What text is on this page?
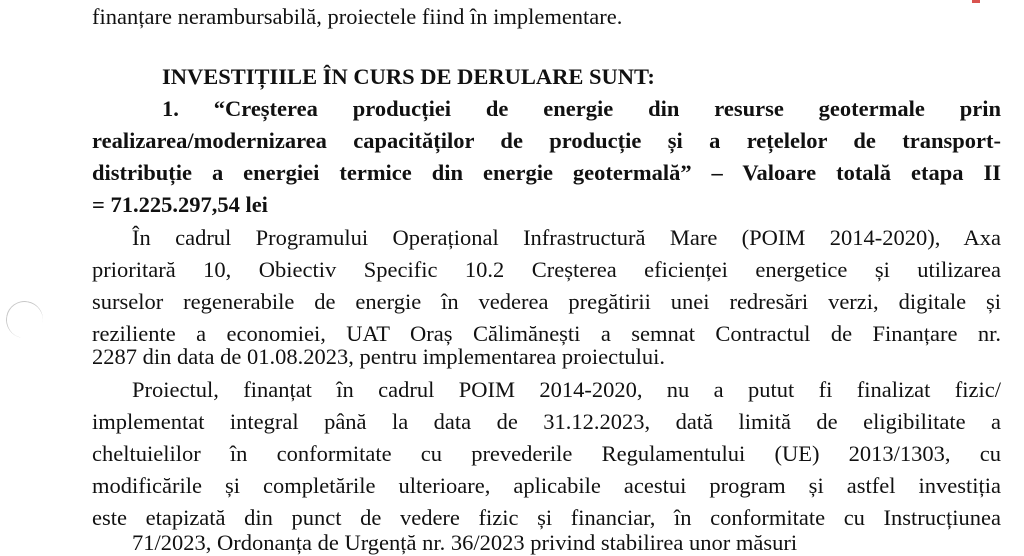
finanțare nerambursabilă, proiectele fiind în implementare.
INVESTIȚIILE ÎN CURS DE DERULARE SUNT:
1. “Creșterea producției de energie din resurse geotermale prin
realizarea/modernizarea capacităților de producție și a rețelelor de transport-
distribuție a energiei termice din energie geotermală” – Valoare totală etapa II
= 71.225.297,54 lei
În cadrul Programului Operațional Infrastructură Mare (POIM 2014-2020), Axa
prioritară 10, Obiectiv Specific 10.2 Creșterea eficienței energetice și utilizarea
surselor regenerabile de energie în vederea pregătirii unei redresări verzi, digitale și
reziliente a economiei, UAT Oraș Călimănești a semnat Contractul de Finanțare nr.
2287 din data de 01.08.2023, pentru implementarea proiectului.
Proiectul, finanțat în cadrul POIM 2014-2020, nu a putut fi finalizat fizic/
implementat integral până la data de 31.12.2023, dată limită de eligibilitate a
cheltuielilor în conformitate cu prevederile Regulamentului (UE) 2013/1303, cu
modificările și completările ulterioare, aplicabile acestui program și astfel investiția
este etapizată din punct de vedere fizic și financiar, în conformitate cu Instrucțiunea
71/2023, Ordonanța de Urgență nr. 36/2023 privind stabilirea unor măsuri
